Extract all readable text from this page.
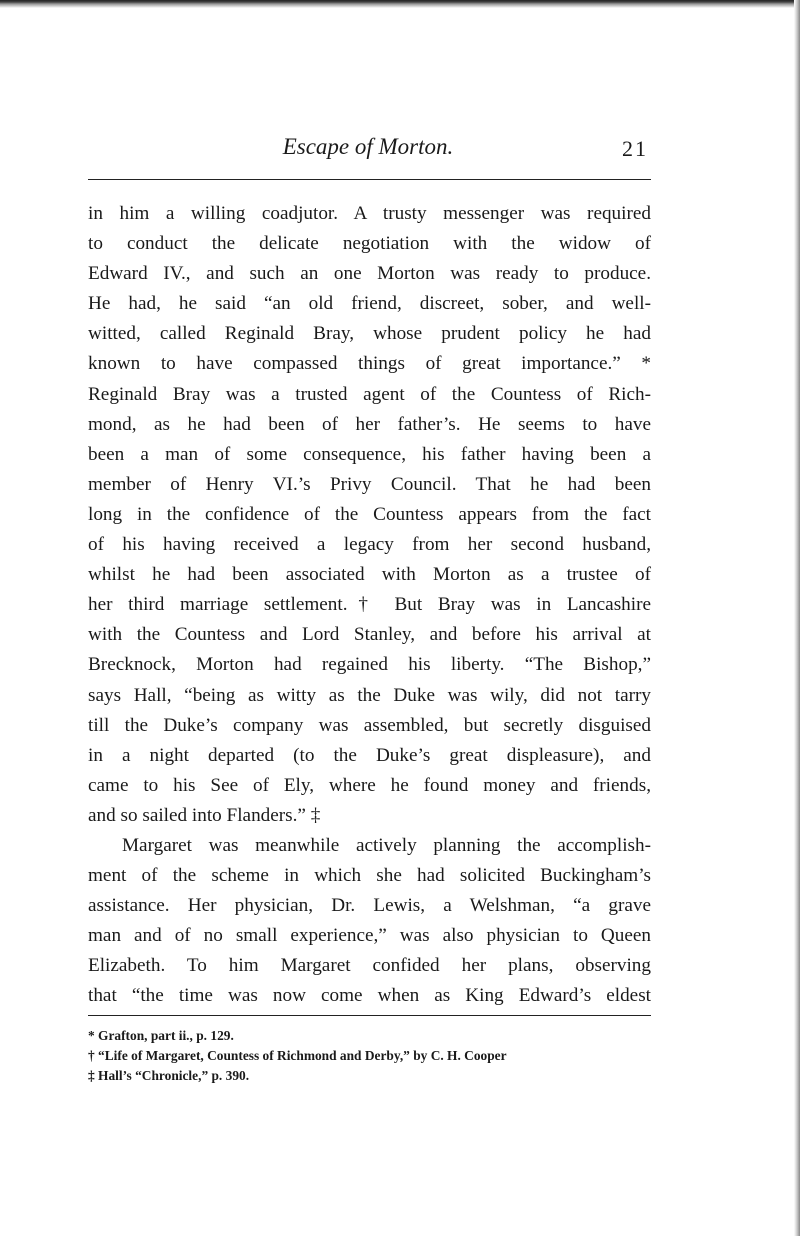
Escape of Morton.	21
in him a willing coadjutor. A trusty messenger was required
to conduct the delicate negotiation with the widow of
Edward IV., and such an one Morton was ready to produce.
He had, he said “an old friend, discreet, sober, and well-
witted, called Reginald Bray, whose prudent policy he had
known to have compassed things of great importance.” *
Reginald Bray was a trusted agent of the Countess of Rich-
mond, as he had been of her father’s. He seems to have
been a man of some consequence, his father having been a
member of Henry VI.’s Privy Council. That he had been
long in the confidence of the Countess appears from the fact
of his having received a legacy from her second husband,
whilst he had been associated with Morton as a trustee of
her third marriage settlement.† But Bray was in Lancashire
with the Countess and Lord Stanley, and before his arrival at
Brecknock, Morton had regained his liberty. “The Bishop,”
says Hall, “being as witty as the Duke was wily, did not tarry
till the Duke’s company was assembled, but secretly disguised
in a night departed (to the Duke’s great displeasure), and
came to his See of Ely, where he found money and friends,
and so sailed into Flanders.” ‡
Margaret was meanwhile actively planning the accomplish-
ment of the scheme in which she had solicited Buckingham’s
assistance. Her physician, Dr. Lewis, a Welshman, “a grave
man and of no small experience,” was also physician to Queen
Elizabeth. To him Margaret confided her plans, observing
that “the time was now come when as King Edward’s eldest
* Grafton, part ii., p. 129.
† “Life of Margaret, Countess of Richmond and Derby,” by C. H. Cooper
‡ Hall’s “Chronicle,” p. 390.
